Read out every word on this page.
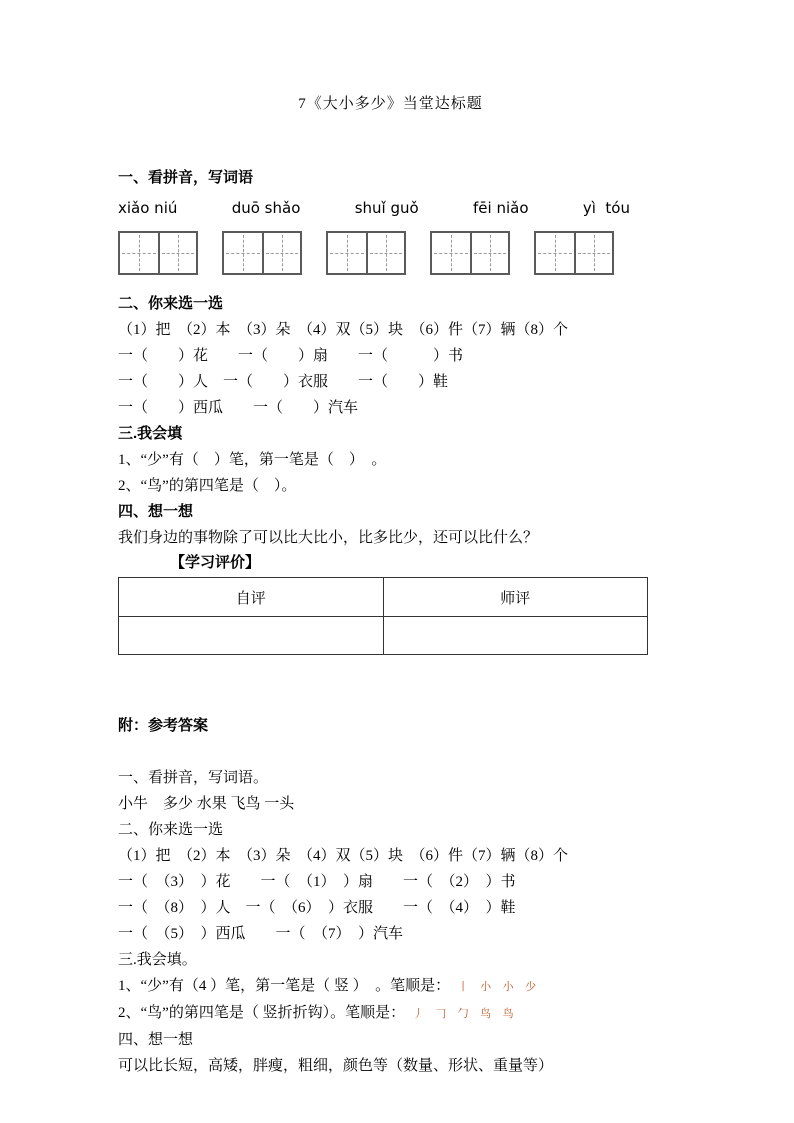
7《大小多少》当堂达标题
一、看拼音，写词语
xiǎo niú	duō shǎo	shuǐ guǒ	fēi niǎo	yì  tóu
二、你来选一选
（1）把　（2）本　（3）朵　（4）双（5）块　（6）件（7）辆（8）个
一（　　）花　　一（　　）扇　　一（　　　）书
一（　　）人　一（　　）衣服　　一（　　）鞋
一（　　）西瓜　　一（　　）汽车
三.我会填
1、“少”有（　）笔，第一笔是（　）　。
2、“鸟”的第四笔是（　）。
四、想一想
我们身边的事物除了可以比大比小，比多比少，还可以比什么？
【学习评价】
自评	师评

附：参考答案
一、看拼音，写词语。
小牛　多少 水果 飞鸟 一头
二、你来选一选
（1）把　（2）本　（3）朵　（4）双（5）块　（6）件（7）辆（8）个
一（　（3）　）花　　一（　（1）　）扇　　一（　（2）　）书
一（　（8）　）人　一（　（6）　）衣服　　一（　（4）　）鞋
一（　（5）　）西瓜　　一（　（7）　）汽车
三.我会填。
1、“少”有（4 ）笔，第一笔是（ 竖 ）　。笔顺是：　丨 小 小 少
2、“鸟”的第四笔是（ 竖折折钩）。笔顺是：　丿 𠃌 勹 鸟 鸟
四、想一想
可以比长短，高矮，胖瘦，粗细，颜色等（数量、形状、重量等）
